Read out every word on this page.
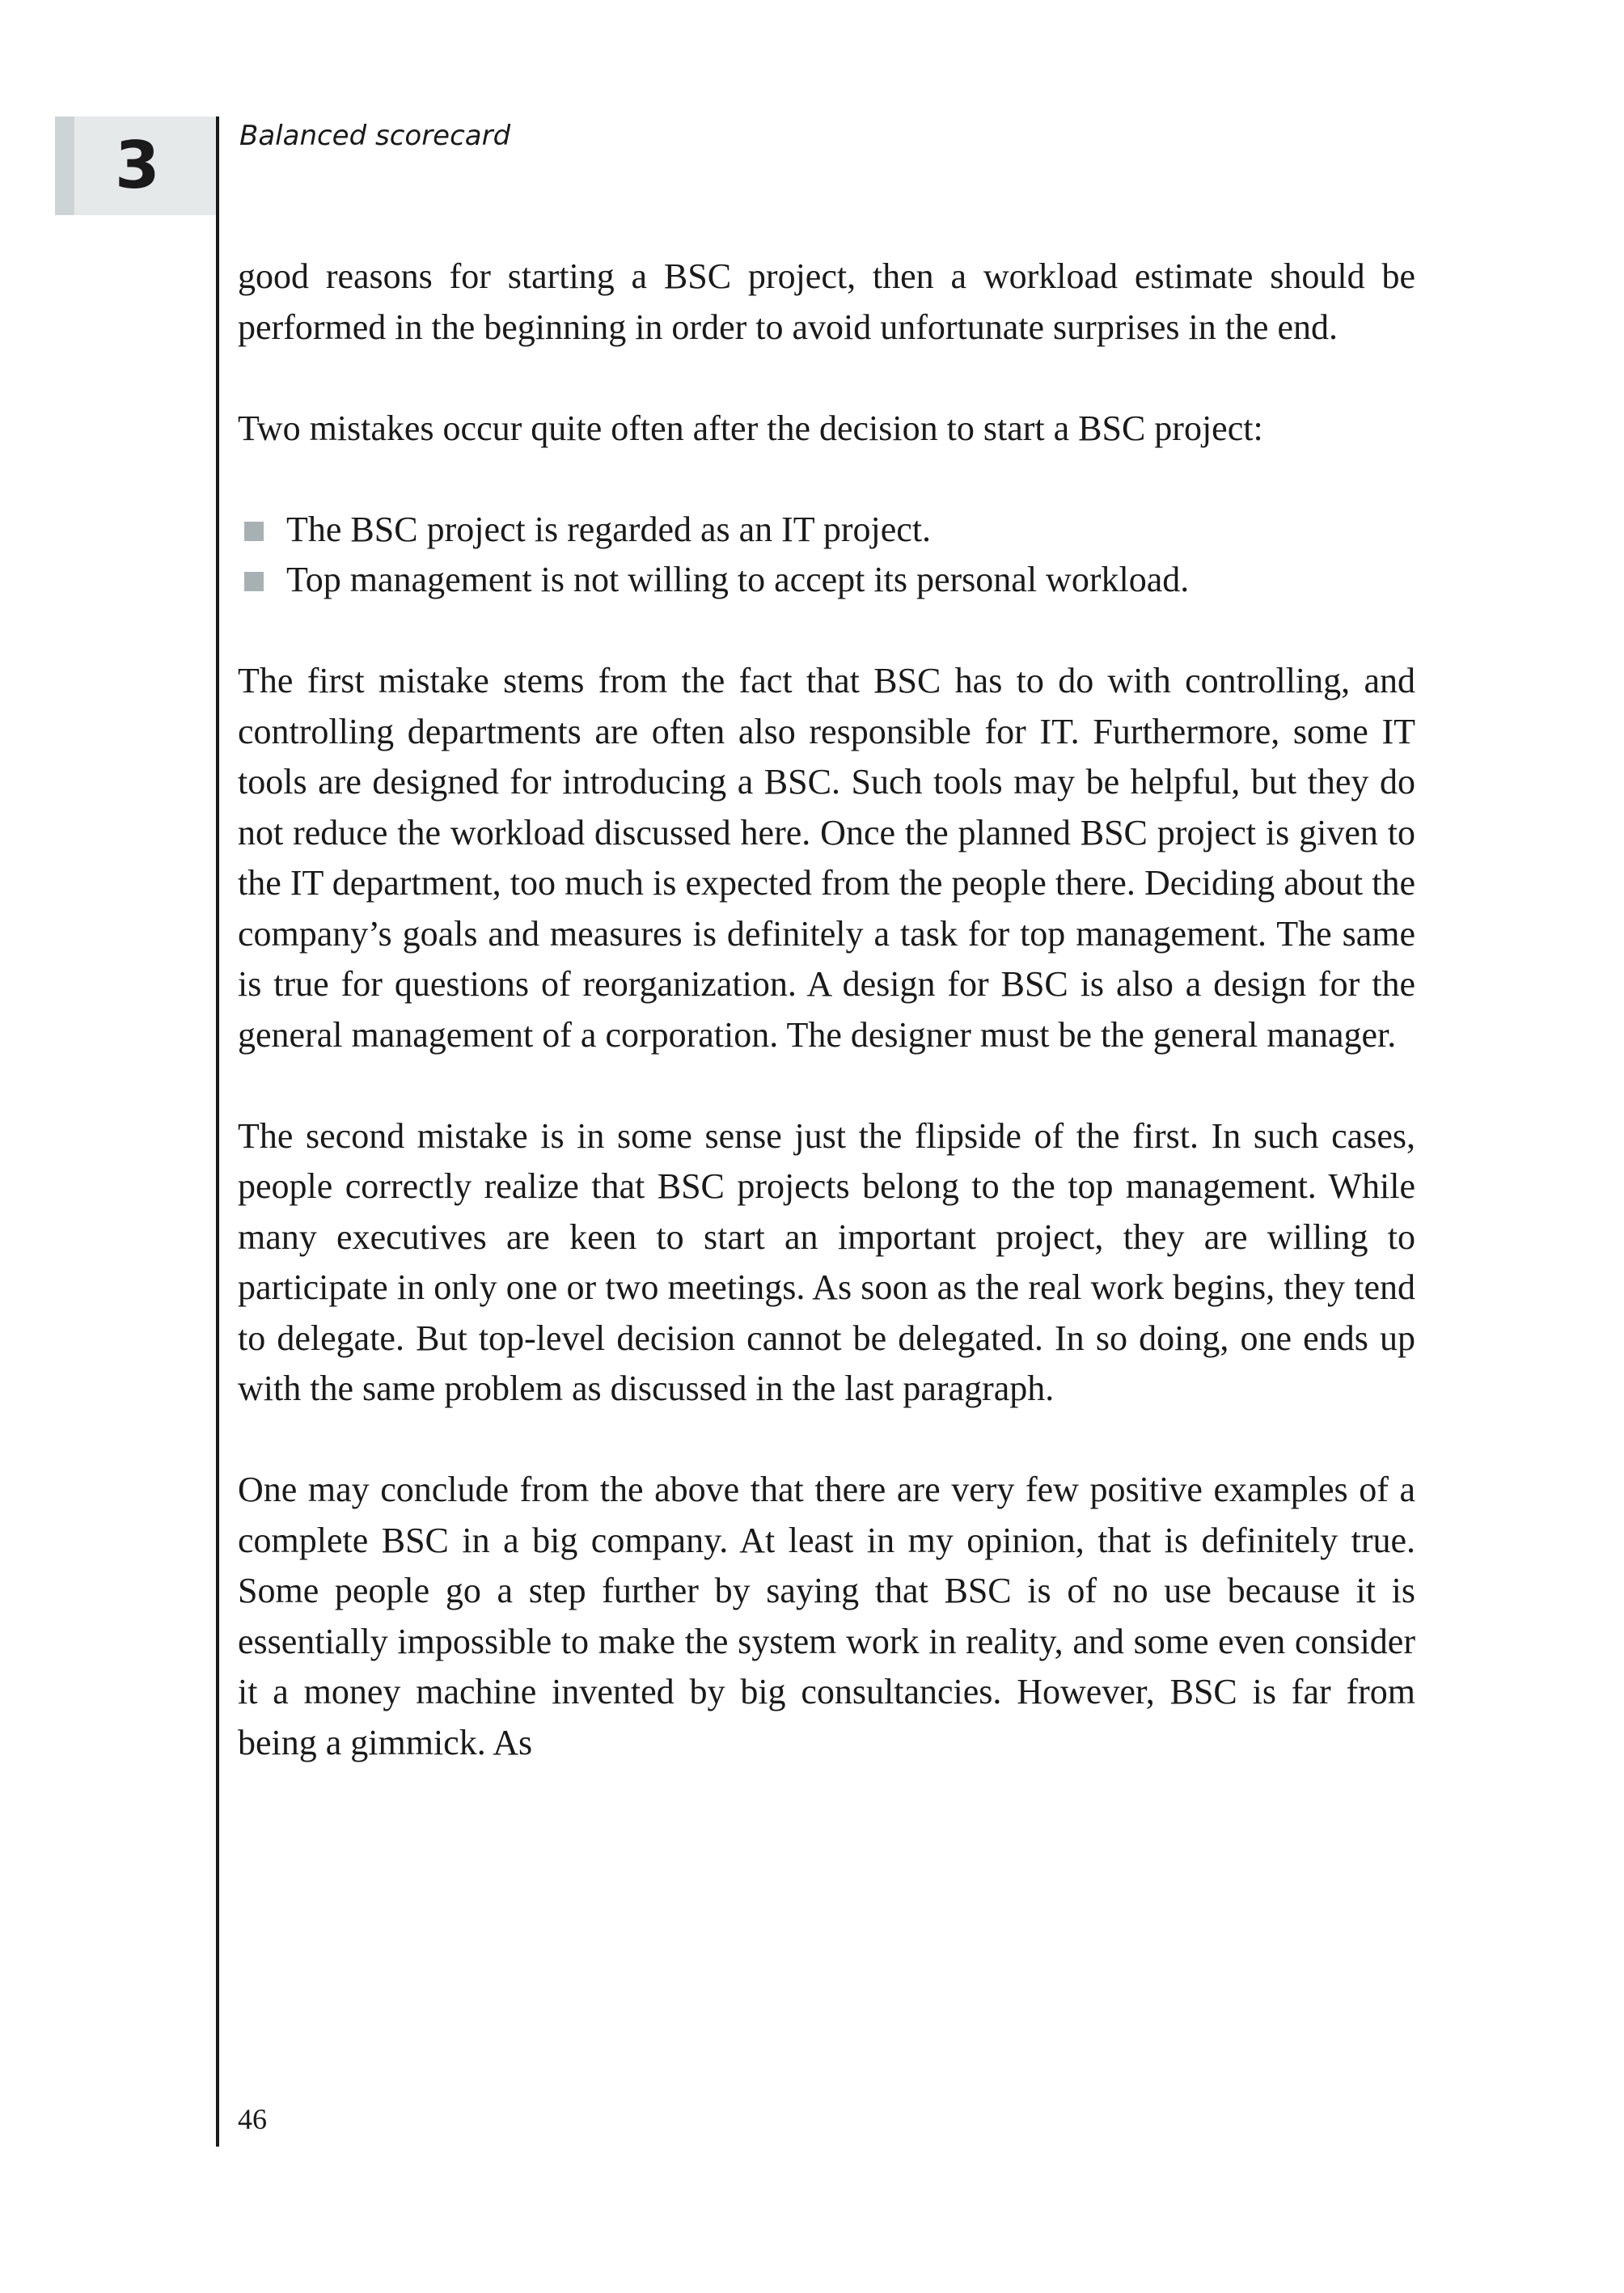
3	Balanced scorecard

good reasons for starting a BSC project, then a workload estimate should be performed in the beginning in order to avoid unfortunate surprises in the end.

Two mistakes occur quite often after the decision to start a BSC project:

The BSC project is regarded as an IT project.
Top management is not willing to accept its personal workload.

The first mistake stems from the fact that BSC has to do with controlling, and controlling departments are often also responsible for IT. Furthermore, some IT tools are designed for introducing a BSC. Such tools may be helpful, but they do not reduce the workload discussed here. Once the planned BSC project is given to the IT department, too much is expected from the people there. Deciding about the company’s goals and measures is definitely a task for top management. The same is true for questions of reorganization. A design for BSC is also a design for the general management of a corporation. The designer must be the general manager.

The second mistake is in some sense just the flipside of the first. In such cases, people correctly realize that BSC projects belong to the top management. While many executives are keen to start an important project, they are willing to participate in only one or two meetings. As soon as the real work begins, they tend to delegate. But top-level decision cannot be delegated. In so doing, one ends up with the same problem as discussed in the last paragraph.

One may conclude from the above that there are very few positive examples of a complete BSC in a big company. At least in my opinion, that is definitely true. Some people go a step further by saying that BSC is of no use because it is essentially impossible to make the system work in reality, and some even consider it a money machine invented by big consultancies. However, BSC is far from being a gimmick. As

46
